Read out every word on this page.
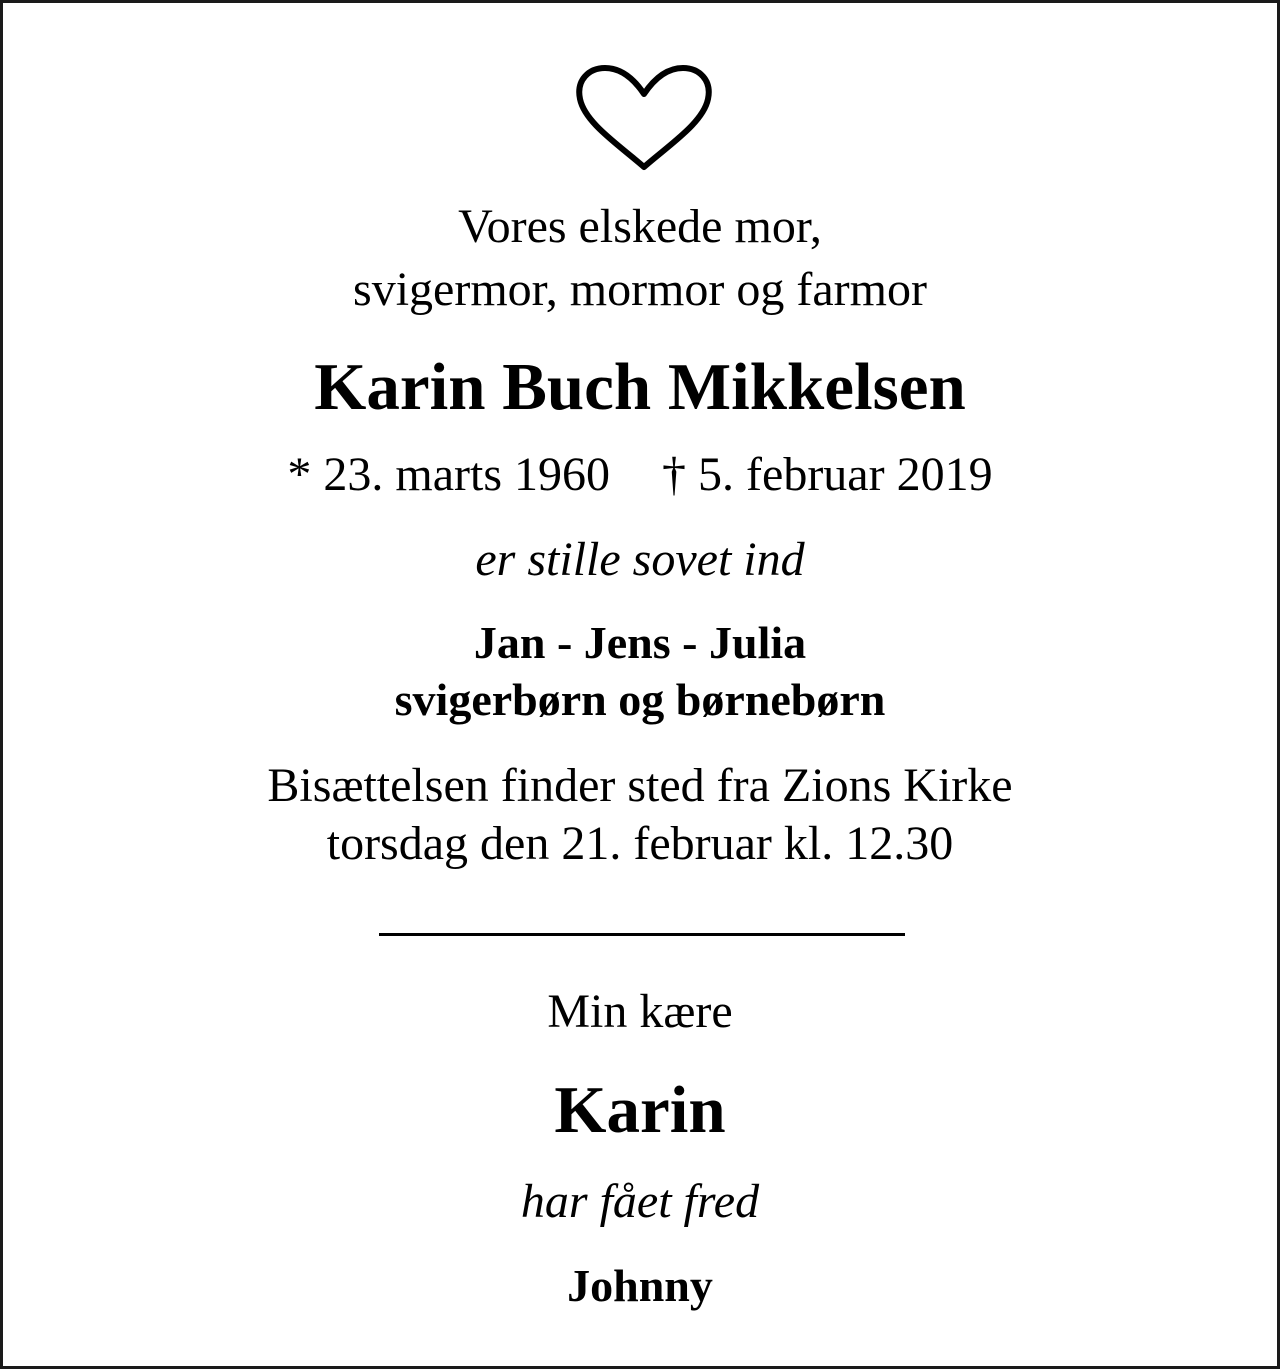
Vores elskede mor,
svigermor, mormor og farmor
Karin Buch Mikkelsen
* 23. marts 1960 † 5. februar 2019
er stille sovet ind
Jan - Jens - Julia
svigerbørn og børnebørn
Bisættelsen finder sted fra Zions Kirke
torsdag den 21. februar kl. 12.30
Min kære
Karin
har fået fred
Johnny
